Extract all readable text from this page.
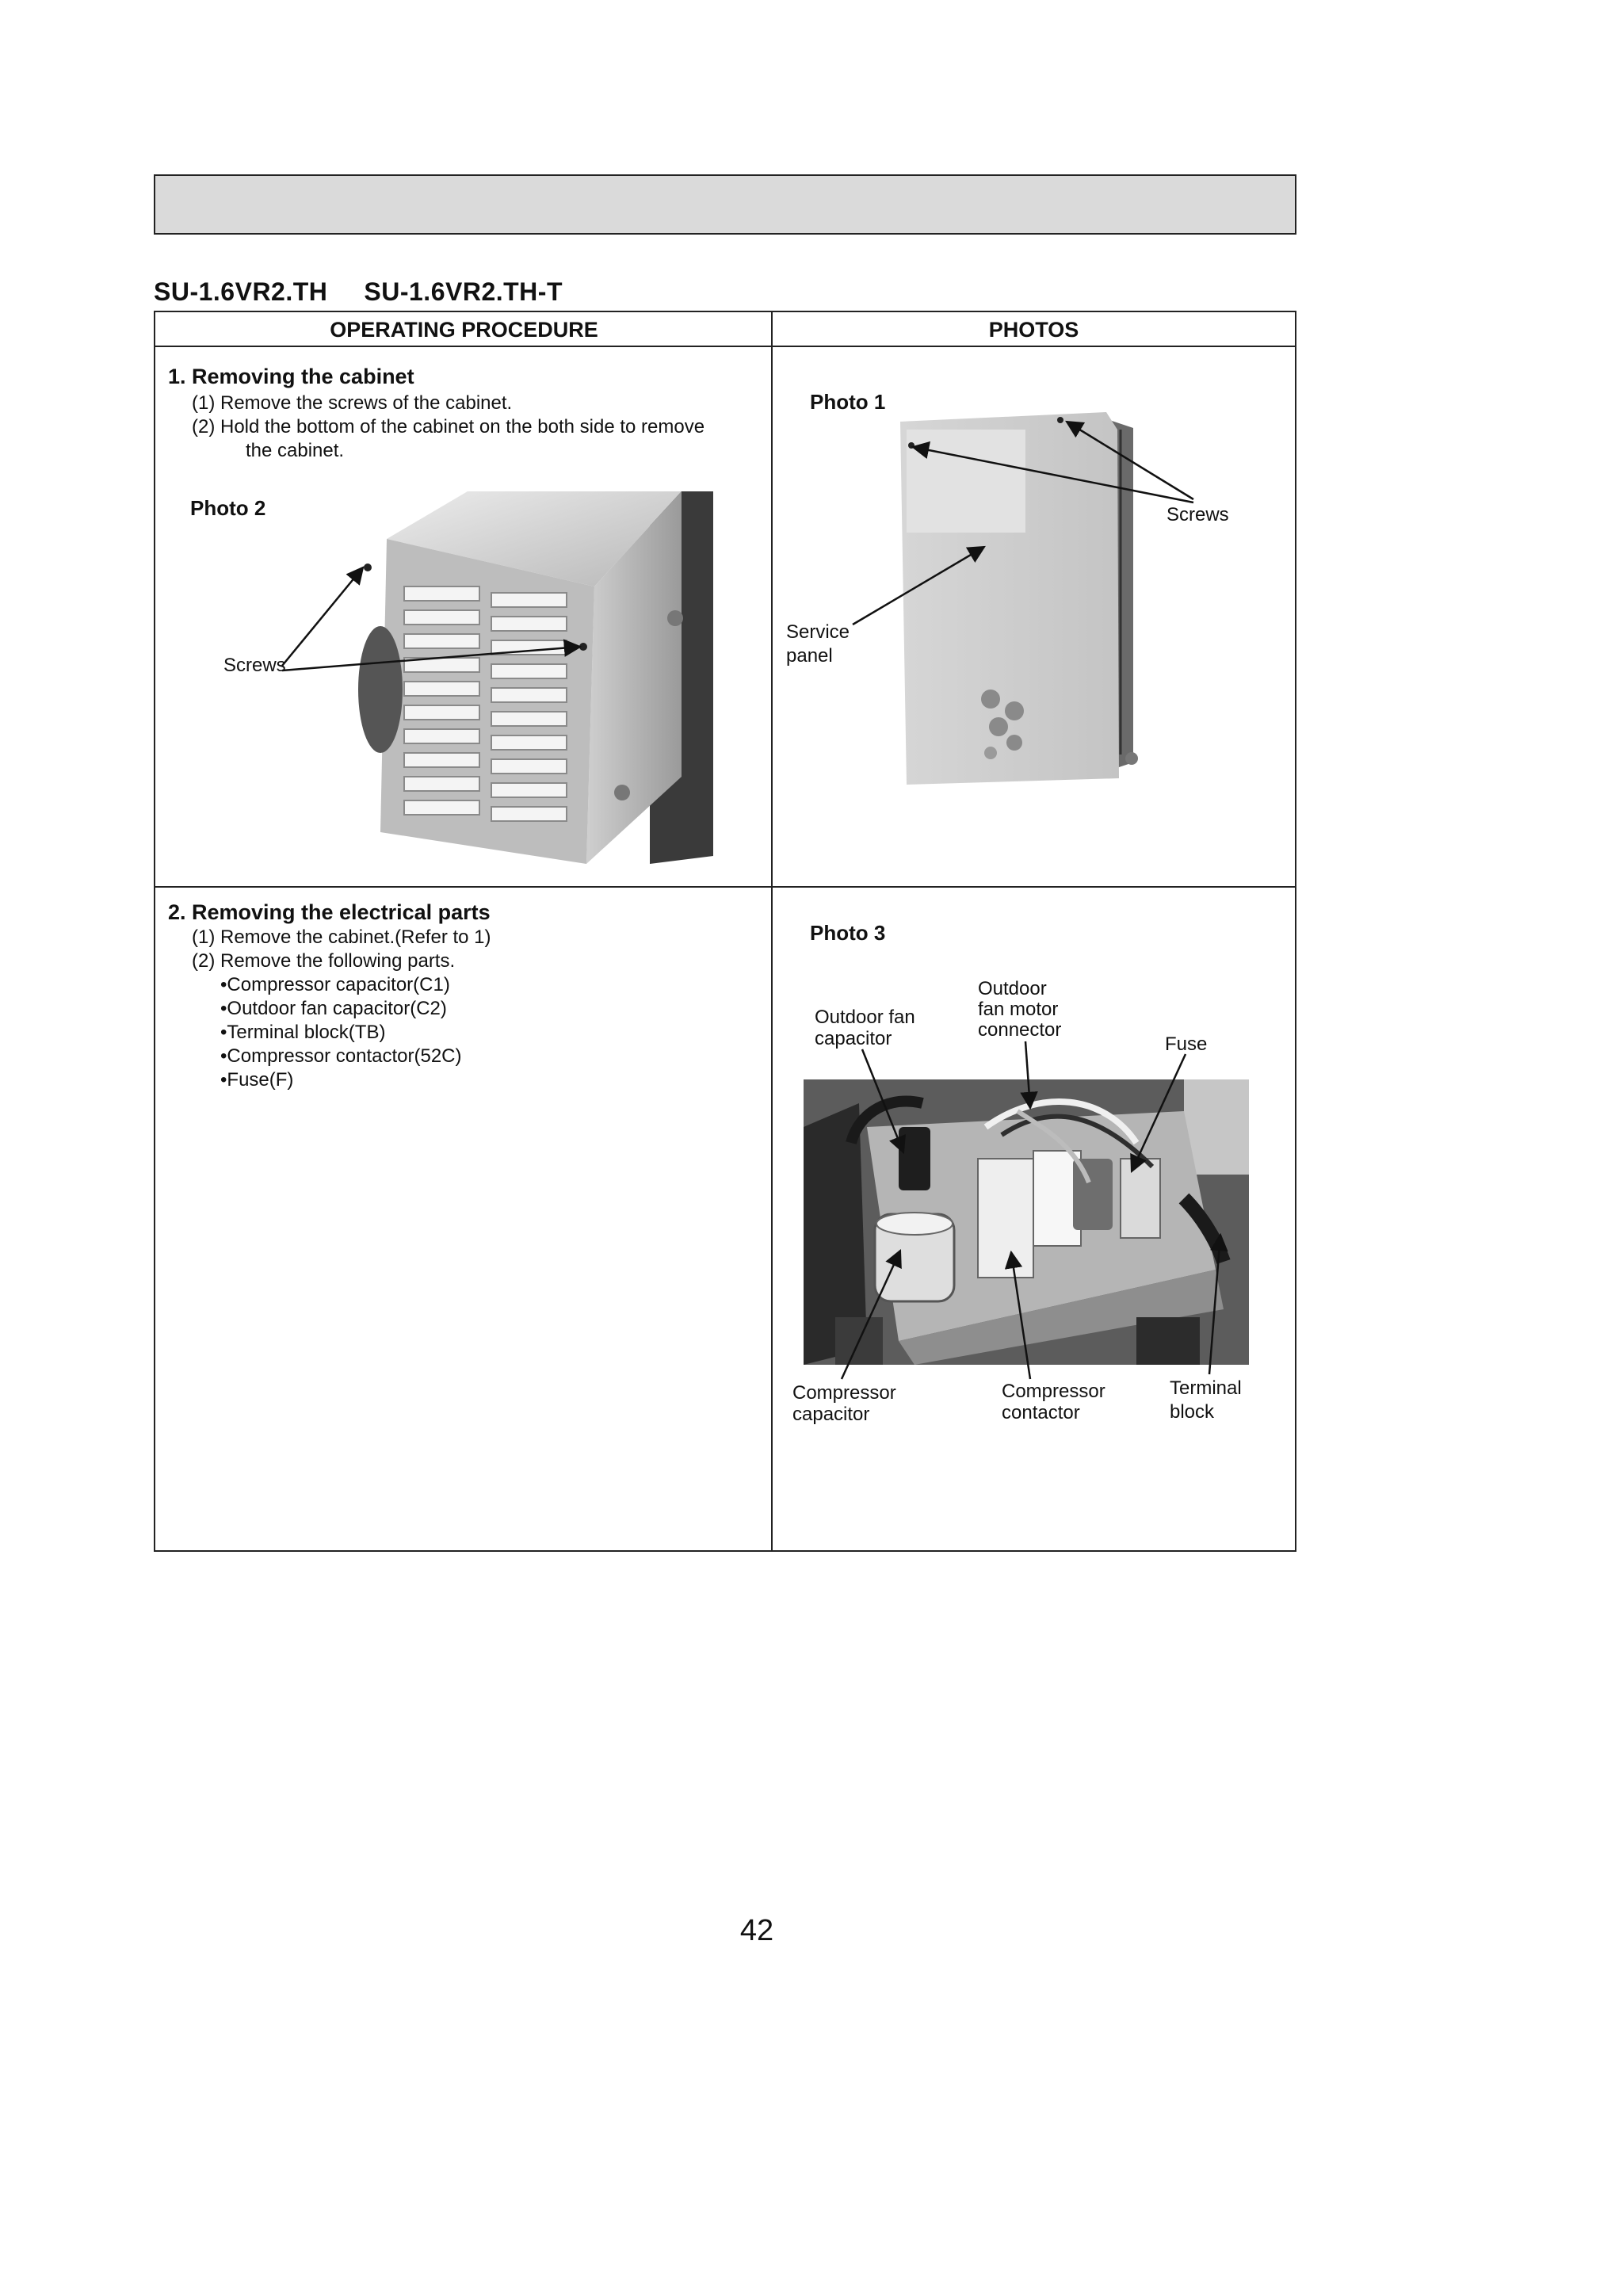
SU-1.6VR2.TH SU-1.6VR2.TH-T
OPERATING PROCEDURE	PHOTOS
1. Removing the cabinet
(1) Remove the screws of the cabinet.
(2) Hold the bottom of the cabinet on the both side to remove
the cabinet.
Photo 2
Screws
Photo 1
Screws
Service
panel
2. Removing the electrical parts
(1) Remove the cabinet.(Refer to 1)
(2) Remove the following parts.
•Compressor capacitor(C1)
•Outdoor fan capacitor(C2)
•Terminal block(TB)
•Compressor contactor(52C)
•Fuse(F)
Photo 3
Outdoor fan
capacitor
Outdoor
fan motor
connector
Fuse
Compressor
capacitor
Compressor
contactor
Terminal
block
42
